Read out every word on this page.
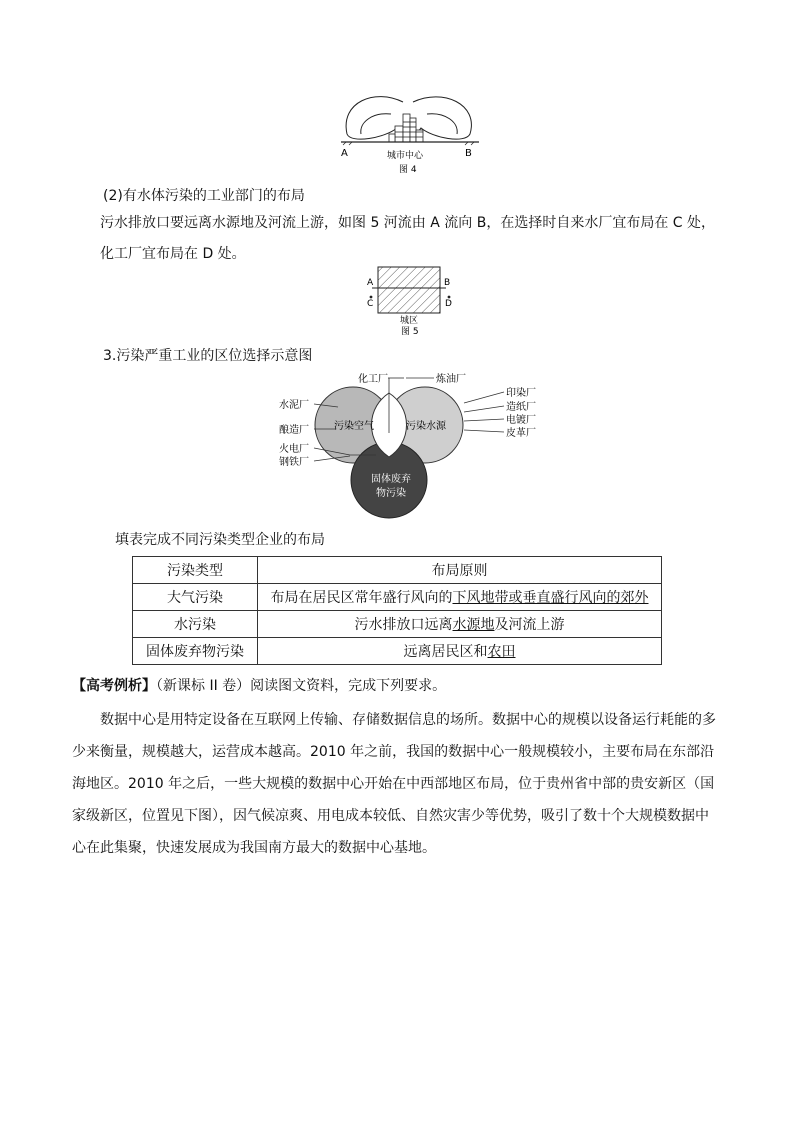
A	B
城市中心
图 4
(2)有水体污染的工业部门的布局
污水排放口要远离水源地及河流上游，如图 5 河流由 A 流向 B，在选择时自来水厂宜布局在 C 处，化工厂宜布局在 D 处。
A	B
C	D
城区
图 5
3.污染严重工业的区位选择示意图
污染空气	污染水源
固体废弃
物污染
化工厂	炼油厂
水泥厂
酿造厂
火电厂
钢铁厂
印染厂
造纸厂
电镀厂
皮革厂
填表完成不同污染类型企业的布局
污染类型	布局原则
大气污染	布局在居民区常年盛行风向的下风地带或垂直盛行风向的郊外
水污染	污水排放口远离水源地及河流上游
固体废弃物污染	远离居民区和农田
【高考例析】（新课标 II 卷）阅读图文资料，完成下列要求。
数据中心是用特定设备在互联网上传输、存储数据信息的场所。数据中心的规模以设备运行耗能的多少来衡量，规模越大，运营成本越高。2010 年之前，我国的数据中心一般规模较小，主要布局在东部沿海地区。2010 年之后，一些大规模的数据中心开始在中西部地区布局，位于贵州省中部的贵安新区（国家级新区，位置见下图），因气候凉爽、用电成本较低、自然灾害少等优势，吸引了数十个大规模数据中心在此集聚，快速发展成为我国南方最大的数据中心基地。
